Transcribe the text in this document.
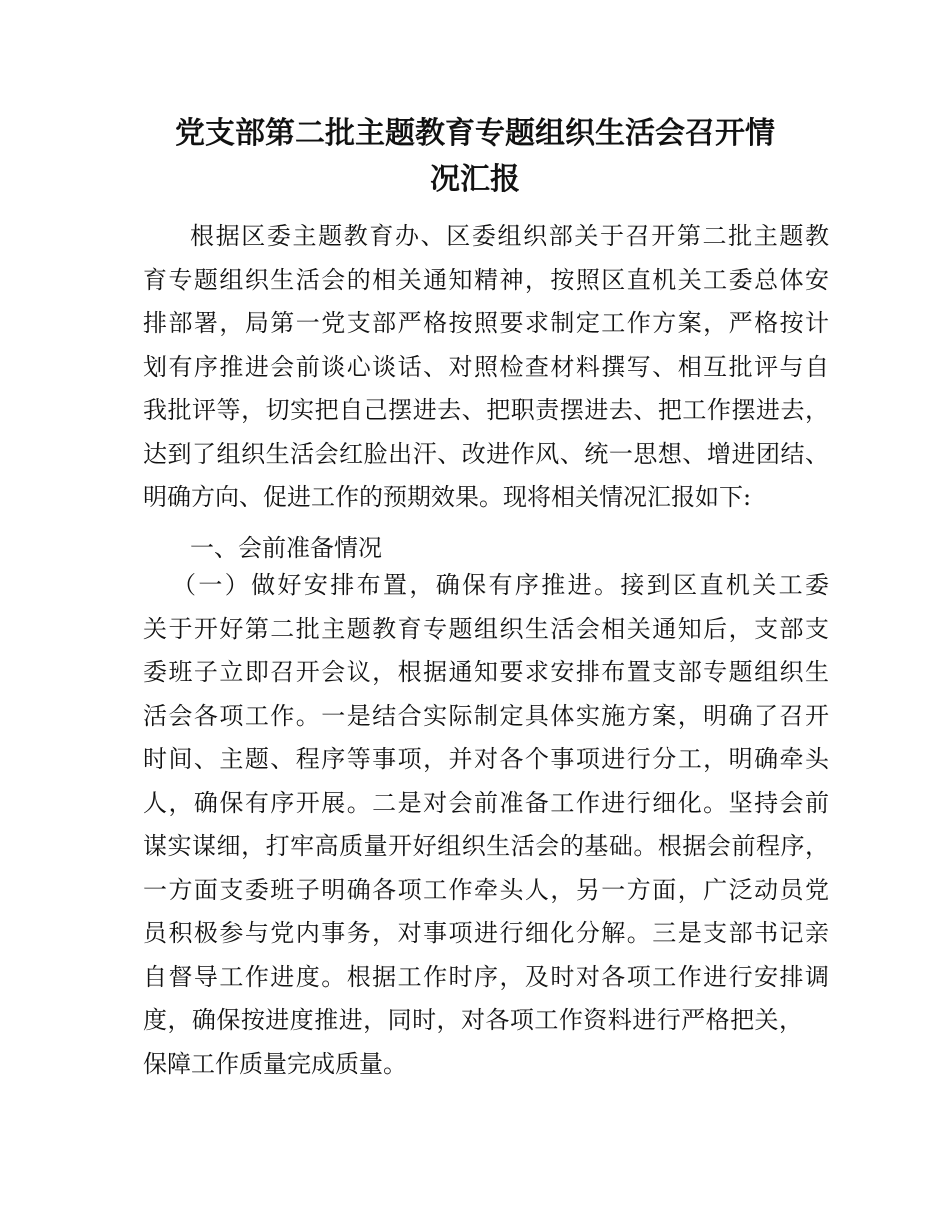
党支部第二批主题教育专题组织生活会召开情
况汇报
根据区委主题教育办、区委组织部关于召开第二批主题教
育专题组织生活会的相关通知精神，按照区直机关工委总体安
排部署，局第一党支部严格按照要求制定工作方案，严格按计
划有序推进会前谈心谈话、对照检查材料撰写、相互批评与自
我批评等，切实把自己摆进去、把职责摆进去、把工作摆进去，
达到了组织生活会红脸出汗、改进作风、统一思想、增进团结、
明确方向、促进工作的预期效果。现将相关情况汇报如下:
一、会前准备情况
（一）做好安排布置，确保有序推进。接到区直机关工委
关于开好第二批主题教育专题组织生活会相关通知后，支部支
委班子立即召开会议，根据通知要求安排布置支部专题组织生
活会各项工作。一是结合实际制定具体实施方案，明确了召开
时间、主题、程序等事项，并对各个事项进行分工，明确牵头
人，确保有序开展。二是对会前准备工作进行细化。坚持会前
谋实谋细，打牢高质量开好组织生活会的基础。根据会前程序，
一方面支委班子明确各项工作牵头人，另一方面，广泛动员党
员积极参与党内事务，对事项进行细化分解。三是支部书记亲
自督导工作进度。根据工作时序，及时对各项工作进行安排调
度，确保按进度推进，同时，对各项工作资料进行严格把关，
保障工作质量完成质量。
